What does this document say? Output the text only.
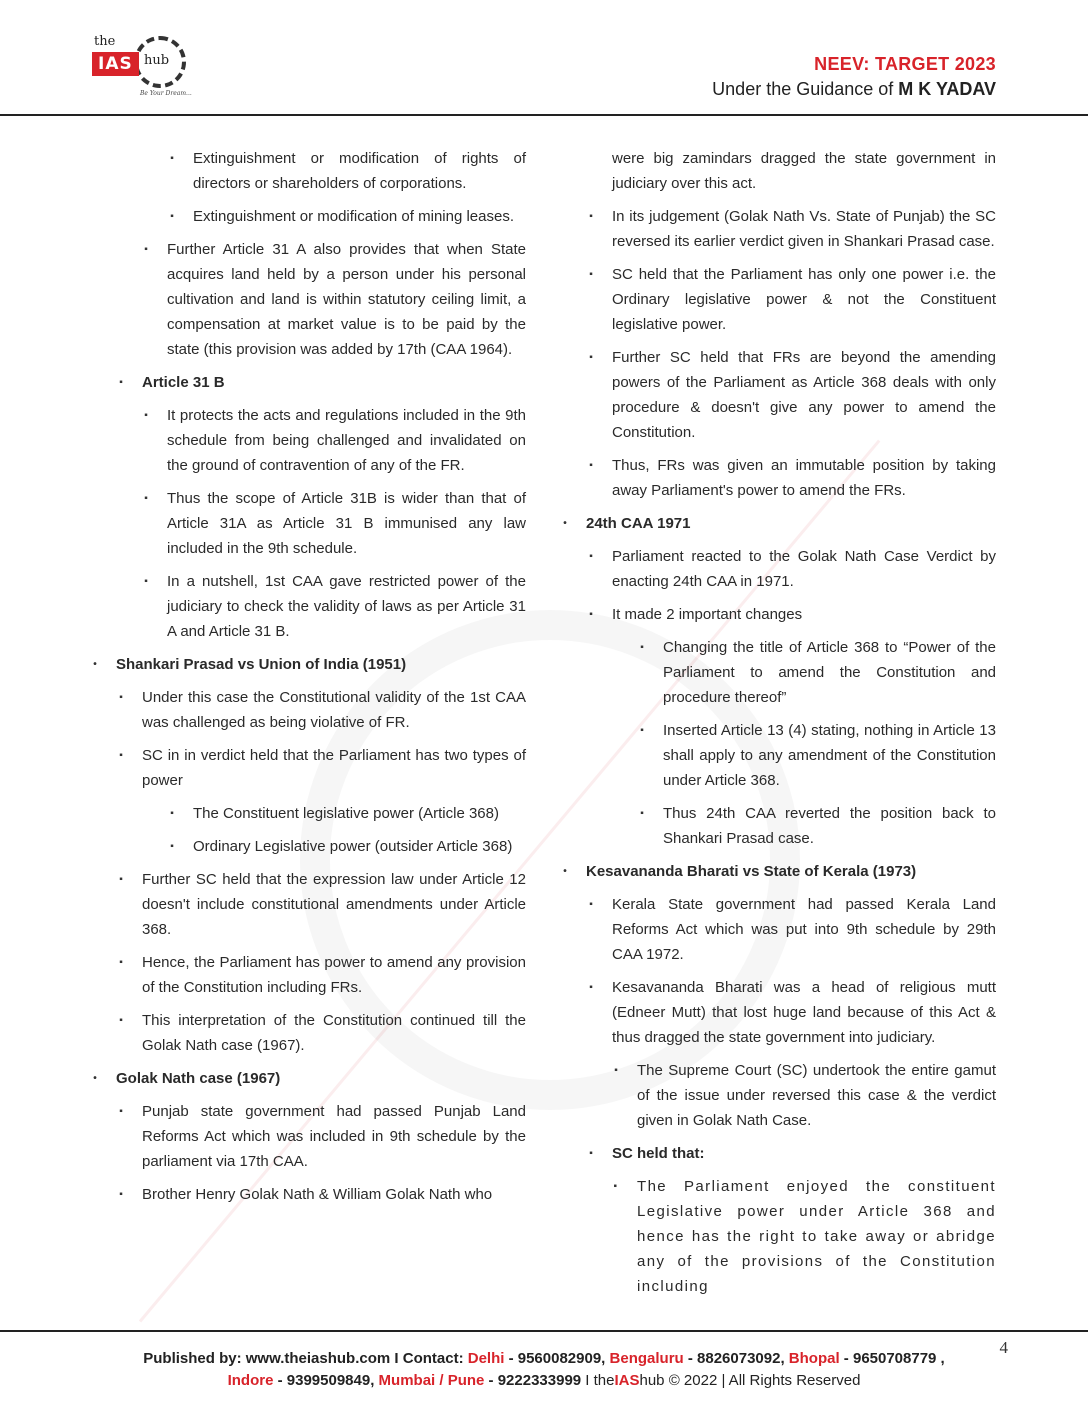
the
IAS hub
Be Your Dream...
NEEV: TARGET 2023
Under the Guidance of M K YADAV
▪ Extinguishment or modification of rights of directors or shareholders of corporations.
▪ Extinguishment or modification of mining leases.
▪ Further Article 31 A also provides that when State acquires land held by a person under his personal cultivation and land is within statutory ceiling limit, a compensation at market value is to be paid by the state (this provision was added by 17th (CAA 1964).
▪ Article 31 B
▪ It protects the acts and regulations included in the 9th schedule from being challenged and invalidated on the ground of contravention of any of the FR.
▪ Thus the scope of Article 31B is wider than that of Article 31A as Article 31 B immunised any law included in the 9th schedule.
▪ In a nutshell, 1st CAA gave restricted power of the judiciary to check the validity of laws as per Article 31 A and Article 31 B.
• Shankari Prasad vs Union of India (1951)
▪ Under this case the Constitutional validity of the 1st CAA was challenged as being violative of FR.
▪ SC in in verdict held that the Parliament has two types of power
▪ The Constituent legislative power (Article 368)
▪ Ordinary Legislative power (outsider Article 368)
▪ Further SC held that the expression law under Article 12 doesn't include constitutional amendments under Article 368.
▪ Hence, the Parliament has power to amend any provision of the Constitution including FRs.
▪ This interpretation of the Constitution continued till the Golak Nath case (1967).
• Golak Nath case (1967)
▪ Punjab state government had passed Punjab Land Reforms Act which was included in 9th schedule by the parliament via 17th CAA.
▪ Brother Henry Golak Nath & William Golak Nath who
were big zamindars dragged the state government in judiciary over this act.
▪ In its judgement (Golak Nath Vs. State of Punjab) the SC reversed its earlier verdict given in Shankari Prasad case.
▪ SC held that the Parliament has only one power i.e. the Ordinary legislative power & not the Constituent legislative power.
▪ Further SC held that FRs are beyond the amending powers of the Parliament as Article 368 deals with only procedure & doesn't give any power to amend the Constitution.
▪ Thus, FRs was given an immutable position by taking away Parliament's power to amend the FRs.
• 24th CAA 1971
▪ Parliament reacted to the Golak Nath Case Verdict by enacting 24th CAA in 1971.
▪ It made 2 important changes
▪ Changing the title of Article 368 to “Power of the Parliament to amend the Constitution and procedure thereof”
▪ Inserted Article 13 (4) stating, nothing in Article 13 shall apply to any amendment of the Constitution under Article 368.
▪ Thus 24th CAA reverted the position back to Shankari Prasad case.
• Kesavananda Bharati vs State of Kerala (1973)
▪ Kerala State government had passed Kerala Land Reforms Act which was put into 9th schedule by 29th CAA 1972.
▪ Kesavananda Bharati was a head of religious mutt (Edneer Mutt) that lost huge land because of this Act & thus dragged the state government into judiciary.
▪ The Supreme Court (SC) undertook the entire gamut of the issue under reversed this case & the verdict given in Golak Nath Case.
▪ SC held that:
▪ The Parliament enjoyed the constituent Legislative power under Article 368 and hence has the right to take away or abridge any of the provisions of the Constitution including
4
Published by: www.theiashub.com I Contact: Delhi - 9560082909, Bengaluru - 8826073092, Bhopal - 9650708779 ,
Indore - 9399509849, Mumbai / Pune - 9222333999 I theIAShub © 2022 | All Rights Reserved
